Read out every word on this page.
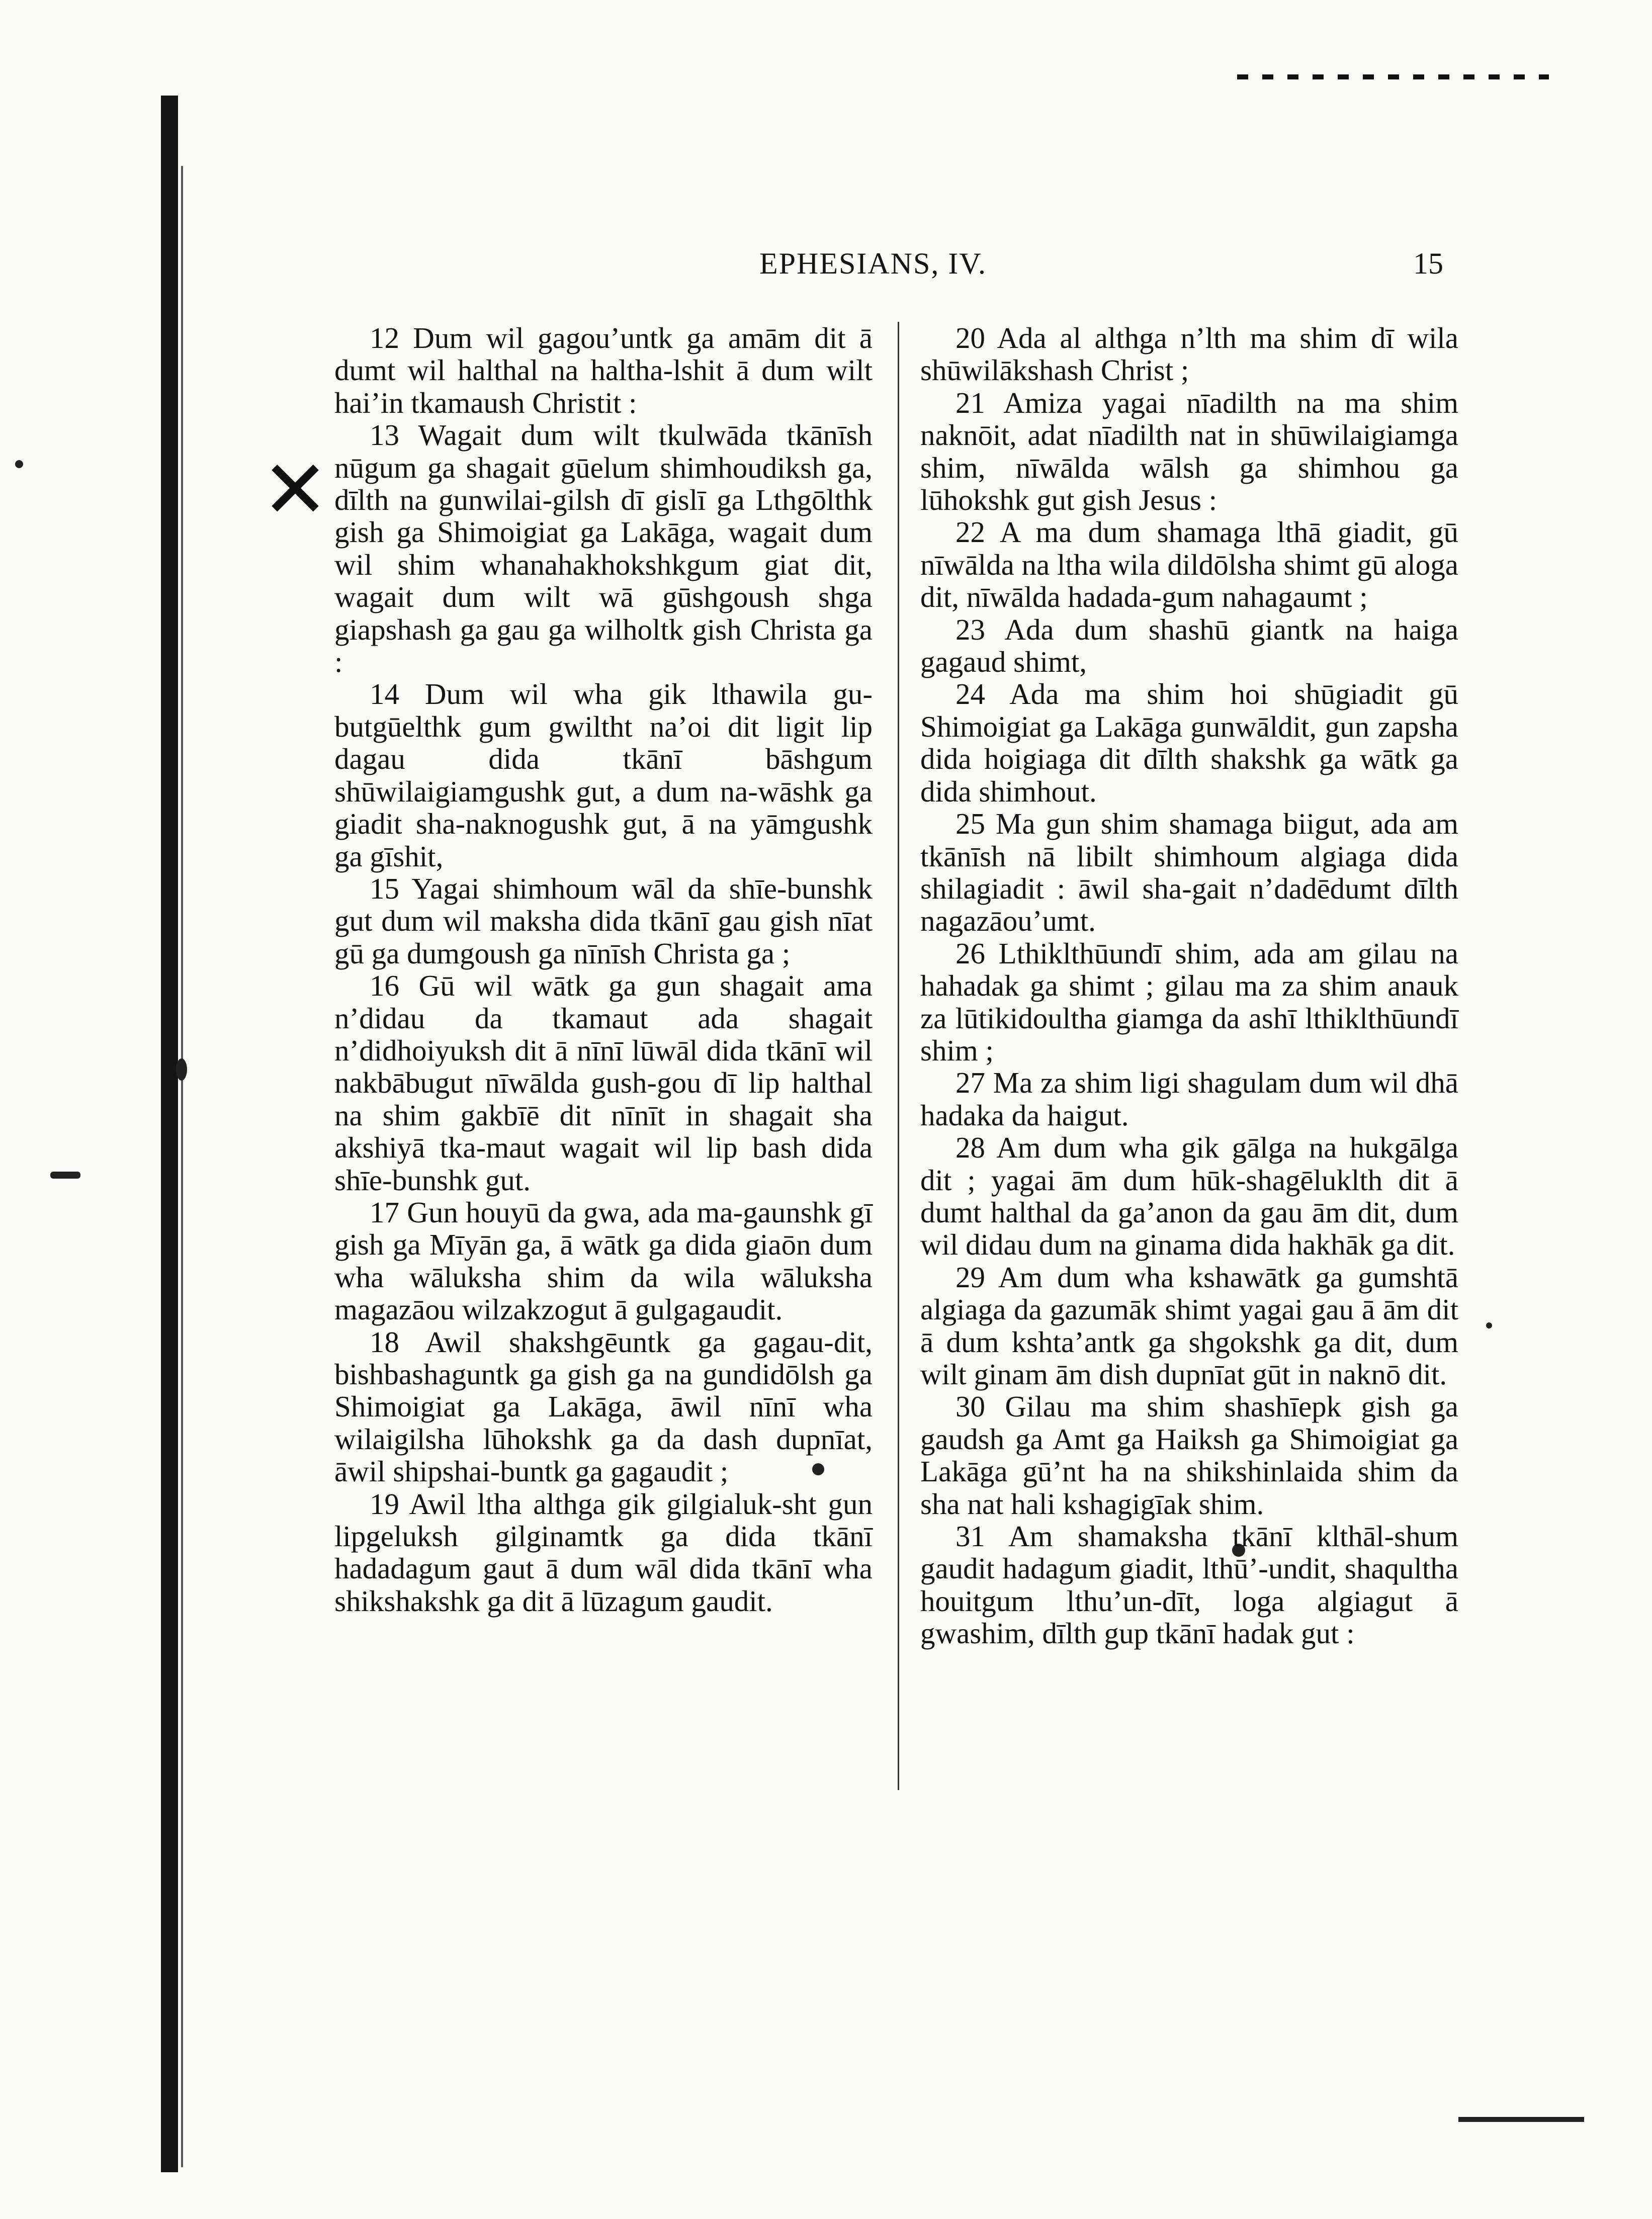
✕
EPHESIANS, IV.	15

12 Dum wil gagou’untk ga amām dit ā dumt wil halthal na haltha-lshit ā dum wilt hai’in tkamaush Christit :

13 Wagait dum wilt tkulwāda tkānīsh nūgum ga shagait gūelum shimhoudiksh ga, dīlth na gunwilai-gilsh dī gislī ga Lthgōlthk gish ga Shimoigiat ga Lakāga, wagait dum wil shim whanahakhokshkgum giat dit, wagait dum wilt wā gūshgoush shga giapshash ga gau ga wilholtk gish Christa ga :

14 Dum wil wha gik lthawila gu-butgūelthk gum gwiltht na’oi dit ligit lip dagau dida tkānī bāshgum shūwilaigiamgushk gut, a dum na-wāshk ga giadit sha-naknogushk gut, ā na yāmgushk ga gīshit,

15 Yagai shimhoum wāl da shīe-bunshk gut dum wil maksha dida tkānī gau gish nīat gū ga dumgoush ga nīnīsh Christa ga ;

16 Gū wil wātk ga gun shagait ama n’didau da tkamaut ada shagait n’didhoiyuksh dit ā nīnī lūwāl dida tkānī wil nakbābugut nīwālda gush-gou dī lip halthal na shim gakbīē dit nīnīt in shagait sha akshiyā tka-maut wagait wil lip bash dida shīe-bunshk gut.

17 Gun houyū da gwa, ada ma-gaunshk gī gish ga Mīyān ga, ā wātk ga dida giaōn dum wha wāluksha shim da wila wāluksha magazāou wilzakzogut ā gulgagaudit.

18 Awil shakshgēuntk ga gagau-dit, bishbashaguntk ga gish ga na gundidōlsh ga Shimoigiat ga Lakāga, āwil nīnī wha wilaigilsha lūhokshk ga da dash dupnīat, āwil shipshai-buntk ga gagaudit ;

19 Awil ltha althga gik gilgialuk-sht gun lipgeluksh gilginamtk ga dida tkānī hadadagum gaut ā dum wāl dida tkānī wha shikshakshk ga dit ā lūzagum gaudit.

20 Ada al althga n’lth ma shim dī wila shūwilākshash Christ ;

21 Amiza yagai nīadilth na ma shim naknōit, adat nīadilth nat in shūwilaigiamga shim, nīwālda wālsh ga shimhou ga lūhokshk gut gish Jesus :

22 A ma dum shamaga lthā giadit, gū nīwālda na ltha wila dildōlsha shimt gū aloga dit, nīwālda hadada-gum nahagaumt ;

23 Ada dum shashū giantk na haiga gagaud shimt,

24 Ada ma shim hoi shūgiadit gū Shimoigiat ga Lakāga gunwāldit, gun zapsha dida hoigiaga dit dīlth shakshk ga wātk ga dida shimhout.

25 Ma gun shim shamaga biigut, ada am tkānīsh nā libilt shimhoum algiaga dida shilagiadit : āwil sha-gait n’dadēdumt dīlth nagazāou’umt.

26 Lthiklthūundī shim, ada am gilau na hahadak ga shimt ; gilau ma za shim anauk za lūtikidoultha giamga da ashī lthiklthūundī shim ;

27 Ma za shim ligi shagulam dum wil dhā hadaka da haigut.

28 Am dum wha gik gālga na hukgālga dit ; yagai ām dum hūk-shagēluklth dit ā dumt halthal da ga’anon da gau ām dit, dum wil didau dum na ginama dida hakhāk ga dit.

29 Am dum wha kshawātk ga gumshtā algiaga da gazumāk shimt yagai gau ā ām dit ā dum kshta’antk ga shgokshk ga dit, dum wilt ginam ām dish dupnīat gūt in naknō dit.

30 Gilau ma shim shashīepk gish ga gaudsh ga Amt ga Haiksh ga Shimoigiat ga Lakāga gū’nt ha na shikshinlaida shim da sha nat hali kshagigīak shim.

31 Am shamaksha tkānī klthāl-shum gaudit hadagum giadit, lthū’-undit, shaqultha houitgum lthu’un-dīt, loga algiagut ā gwashim, dīlth gup tkānī hadak gut :
